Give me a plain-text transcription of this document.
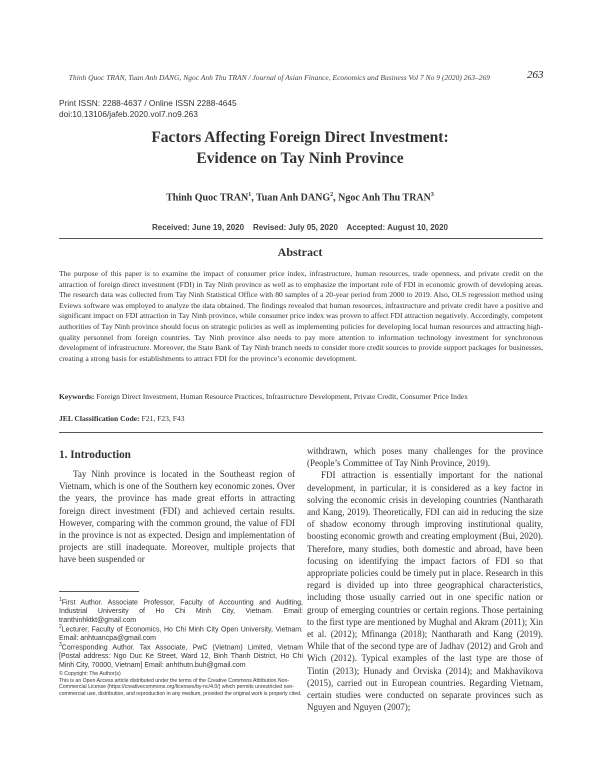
Thinh Quoc TRAN, Tuan Anh DANG, Ngoc Anh Thu TRAN / Journal of Asian Finance, Economics and Business Vol 7 No 9 (2020) 263–269	263
Print ISSN: 2288-4637 / Online ISSN 2288-4645
doi:10.13106/jafeb.2020.vol7.no9.263
Factors Affecting Foreign Direct Investment:
Evidence on Tay Ninh Province
Thinh Quoc TRAN$^1$, Tuan Anh DANG$^2$, Ngoc Anh Thu TRAN$^3$
Received: June 19, 2020    Revised: July 05, 2020    Accepted: August 10, 2020
Abstract

The purpose of this paper is to examine the impact of consumer price index, infrastructure, human resources, trade openness, and private credit on the attraction of foreign direct investment (FDI) in Tay Ninh province as well as to emphasize the important role of FDI in economic growth of developing areas. The research data was collected from Tay Ninh Statistical Office with 80 samples of a 20-year period from 2000 to 2019. Also, OLS regression method using Eviews software was employed to analyze the data obtained. The findings revealed that human resources, infrastructure and private credit have a positive and significant impact on FDI attraction in Tay Ninh province, while consumer price index was proven to affect FDI attraction negatively. Accordingly, competent authorities of Tay Ninh province should focus on strategic policies as well as implementing policies for developing local human resources and attracting high-quality personnel from foreign countries. Tay Ninh province also needs to pay more attention to information technology investment for synchronous development of infrastructure. Moreover, the State Bank of Tay Ninh branch needs to consider more credit sources to provide support packages for businesses, creating a strong basis for establishments to attract FDI for the province’s economic development.

Keywords: Foreign Direct Investment, Human Resource Practices, Infrastructure Development, Private Credit, Consumer Price Index
JEL Classification Code: F21, F23, F43
1. Introduction

Tay Ninh province is located in the Southeast region of Vietnam, which is one of the Southern key economic zones. Over the years, the province has made great efforts in attracting foreign direct investment (FDI) and achieved certain results. However, comparing with the common ground, the value of FDI in the province is not as expected. Design and implementation of projects are still inadequate. Moreover, multiple projects that have been suspended or

$^1$First Author. Associate Professor, Faculty of Accounting and Auditing, Industrial University of Ho Chi Minh City, Vietnam. Email: tranthinhktkt@gmail.com
$^2$Lecturer, Faculty of Economics, Ho Chi Minh City Open University, Vietnam. Email: anhtuancpa@gmail.com
$^3$Corresponding Author. Tax Associate, PwC (Vietnam) Limited, Vietnam [Postal address: Ngo Duc Ke Street, Ward 12, Binh Thanh District, Ho Chi Minh City, 70000, Vietnam] Email: anhthutn.buh@gmail.com
© Copyright: The Author(s)
This is an Open Access article distributed under the terms of the Creative Commons Attribution Non-Commercial License (https://creativecommons.org/licenses/by-nc/4.0/) which permits unrestricted non-commercial use, distribution, and reproduction in any medium, provided the original work is properly cited.

withdrawn, which poses many challenges for the province (People’s Committee of Tay Ninh Province, 2019).

FDI attraction is essentially important for the national development, in particular, it is considered as a key factor in solving the economic crisis in developing countries (Nantharath and Kang, 2019). Theoretically, FDI can aid in reducing the size of shadow economy through improving institutional quality, boosting economic growth and creating employment (Bui, 2020). Therefore, many studies, both domestic and abroad, have been focusing on identifying the impact factors of FDI so that appropriate policies could be timely put in place. Research in this regard is divided up into three geographical characteristics, including those usually carried out in one specific nation or group of emerging countries or certain regions. Those pertaining to the first type are mentioned by Mughal and Akram (2011); Xin et al. (2012); Mfinanga (2018); Nantharath and Kang (2019). While that of the second type are of Jadhav (2012) and Groh and Wich (2012). Typical examples of the last type are those of Tintin (2013); Hunady and Orviska (2014); and Makhavikova (2015), carried out in European countries. Regarding Vietnam, certain studies were conducted on separate provinces such as Nguyen and Nguyen (2007);
